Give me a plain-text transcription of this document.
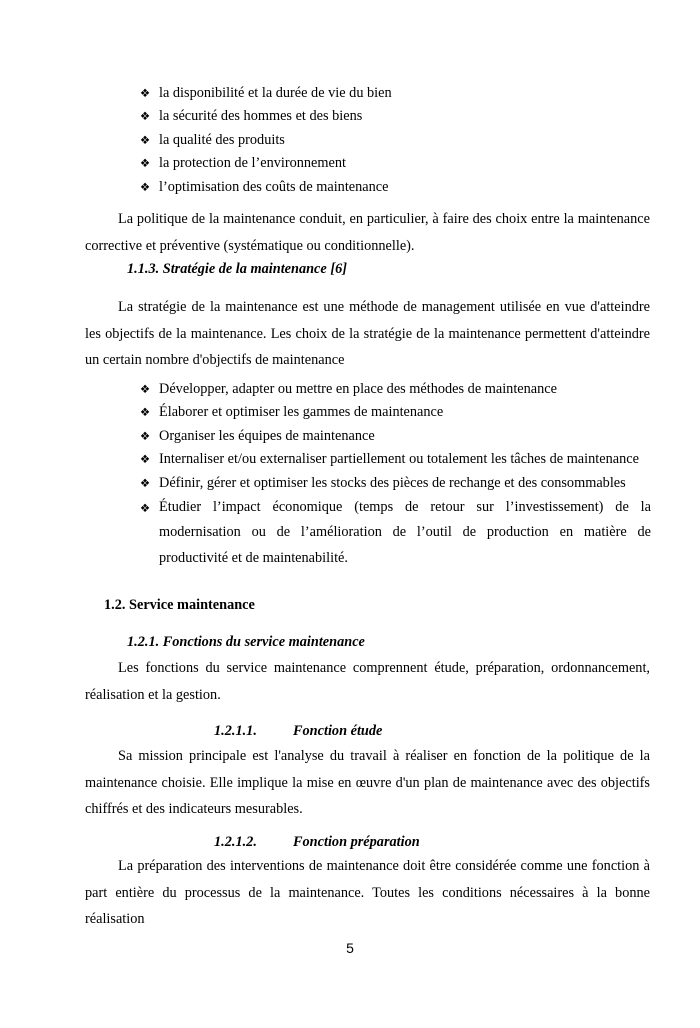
❖ la disponibilité et la durée de vie du bien
❖ la sécurité des hommes et des biens
❖ la qualité des produits
❖ la protection de l’environnement
❖ l’optimisation des coûts de maintenance

La politique de la maintenance conduit, en particulier, à faire des choix entre la maintenance corrective et préventive (systématique ou conditionnelle).

1.1.3. Stratégie de la maintenance [6]

La stratégie de la maintenance est une méthode de management utilisée en vue d'atteindre les objectifs de la maintenance. Les choix de la stratégie de la maintenance permettent d'atteindre un certain nombre d'objectifs de maintenance

❖ Développer, adapter ou mettre en place des méthodes de maintenance
❖ Élaborer et optimiser les gammes de maintenance
❖ Organiser les équipes de maintenance
❖ Internaliser et/ou externaliser partiellement ou totalement les tâches de maintenance
❖ Définir, gérer et optimiser les stocks des pièces de rechange et des consommables
❖ Étudier l’impact économique (temps de retour sur l’investissement) de la modernisation ou de l’amélioration de l’outil de production en matière de productivité et de maintenabilité.

1.2. Service maintenance

1.2.1. Fonctions du service maintenance

Les fonctions du service maintenance comprennent étude, préparation, ordonnancement, réalisation et la gestion.

1.2.1.1.	Fonction étude

Sa mission principale est l'analyse du travail à réaliser en fonction de la politique de la maintenance choisie. Elle implique la mise en œuvre d'un plan de maintenance avec des objectifs chiffrés et des indicateurs mesurables.

1.2.1.2.	Fonction préparation

La préparation des interventions de maintenance doit être considérée comme une fonction à part entière du processus de la maintenance. Toutes les conditions nécessaires à la bonne réalisation

5
